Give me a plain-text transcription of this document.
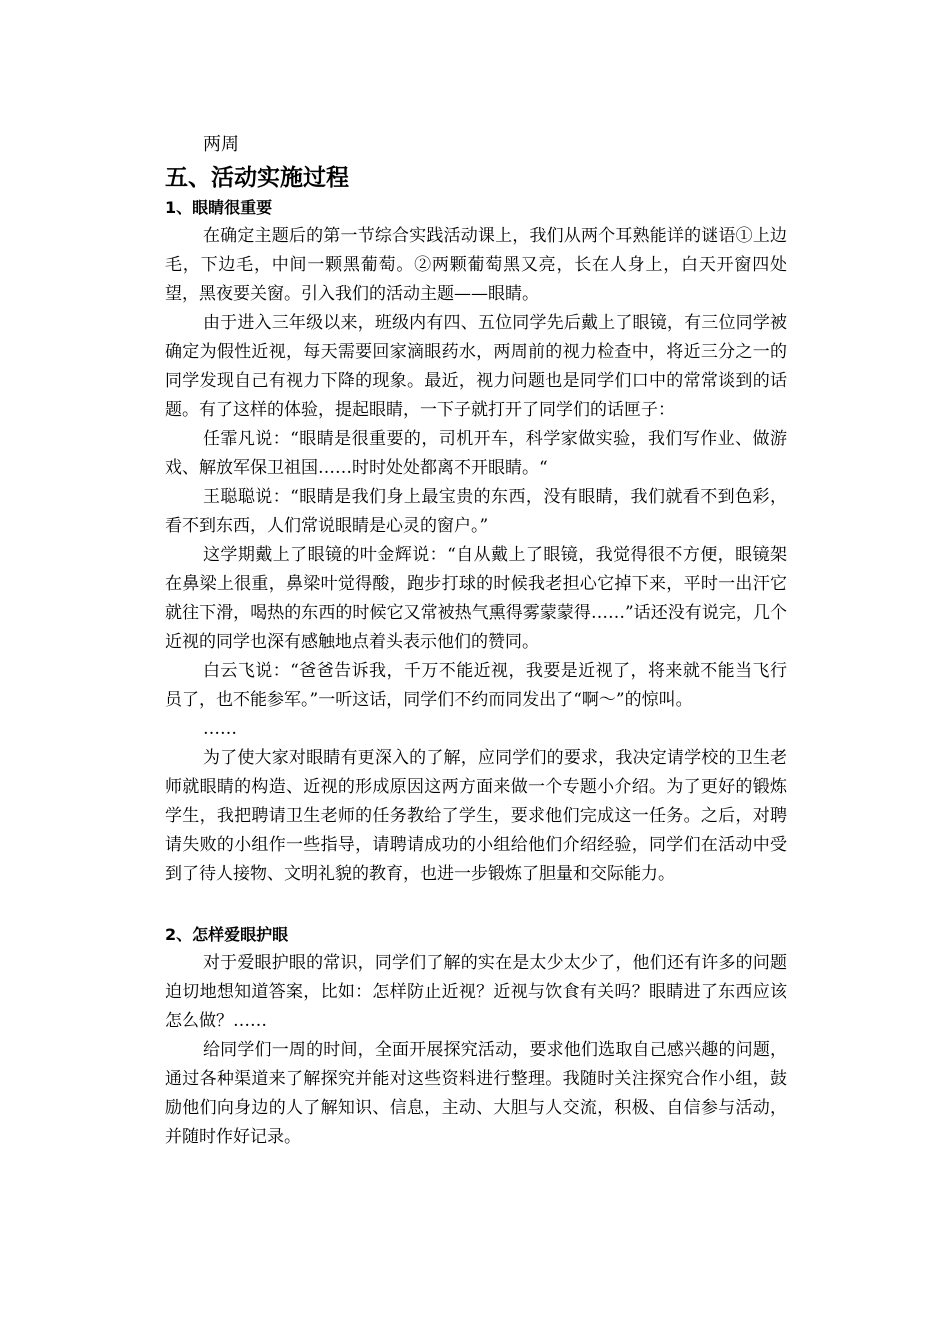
两周
五、活动实施过程
1、眼睛很重要

在确定主题后的第一节综合实践活动课上，我们从两个耳熟能详的谜语①上边毛，下边毛，中间一颗黑葡萄。②两颗葡萄黑又亮，长在人身上，白天开窗四处望，黑夜要关窗。引入我们的活动主题——眼睛。

由于进入三年级以来，班级内有四、五位同学先后戴上了眼镜，有三位同学被确定为假性近视，每天需要回家滴眼药水，两周前的视力检查中，将近三分之一的同学发现自己有视力下降的现象。最近，视力问题也是同学们口中的常常谈到的话题。有了这样的体验，提起眼睛，一下子就打开了同学们的话匣子：

任霏凡说：“眼睛是很重要的，司机开车，科学家做实验，我们写作业、做游戏、解放军保卫祖国……时时处处都离不开眼睛。“

王聪聪说：“眼睛是我们身上最宝贵的东西，没有眼睛，我们就看不到色彩，看不到东西，人们常说眼睛是心灵的窗户。”

这学期戴上了眼镜的叶金辉说：“自从戴上了眼镜，我觉得很不方便，眼镜架在鼻梁上很重，鼻梁叶觉得酸，跑步打球的时候我老担心它掉下来，平时一出汗它就往下滑，喝热的东西的时候它又常被热气熏得雾蒙蒙得……”话还没有说完，几个近视的同学也深有感触地点着头表示他们的赞同。

白云飞说：“爸爸告诉我，千万不能近视，我要是近视了，将来就不能当飞行员了，也不能参军。”一听这话，同学们不约而同发出了“啊～”的惊叫。

……

为了使大家对眼睛有更深入的了解，应同学们的要求，我决定请学校的卫生老师就眼睛的构造、近视的形成原因这两方面来做一个专题小介绍。为了更好的锻炼学生，我把聘请卫生老师的任务教给了学生，要求他们完成这一任务。之后，对聘请失败的小组作一些指导，请聘请成功的小组给他们介绍经验，同学们在活动中受到了待人接物、文明礼貌的教育，也进一步锻炼了胆量和交际能力。

2、怎样爱眼护眼

对于爱眼护眼的常识，同学们了解的实在是太少太少了，他们还有许多的问题迫切地想知道答案，比如：怎样防止近视？近视与饮食有关吗？眼睛进了东西应该怎么做？……

给同学们一周的时间，全面开展探究活动，要求他们选取自己感兴趣的问题，通过各种渠道来了解探究并能对这些资料进行整理。我随时关注探究合作小组，鼓励他们向身边的人了解知识、信息，主动、大胆与人交流，积极、自信参与活动，并随时作好记录。
